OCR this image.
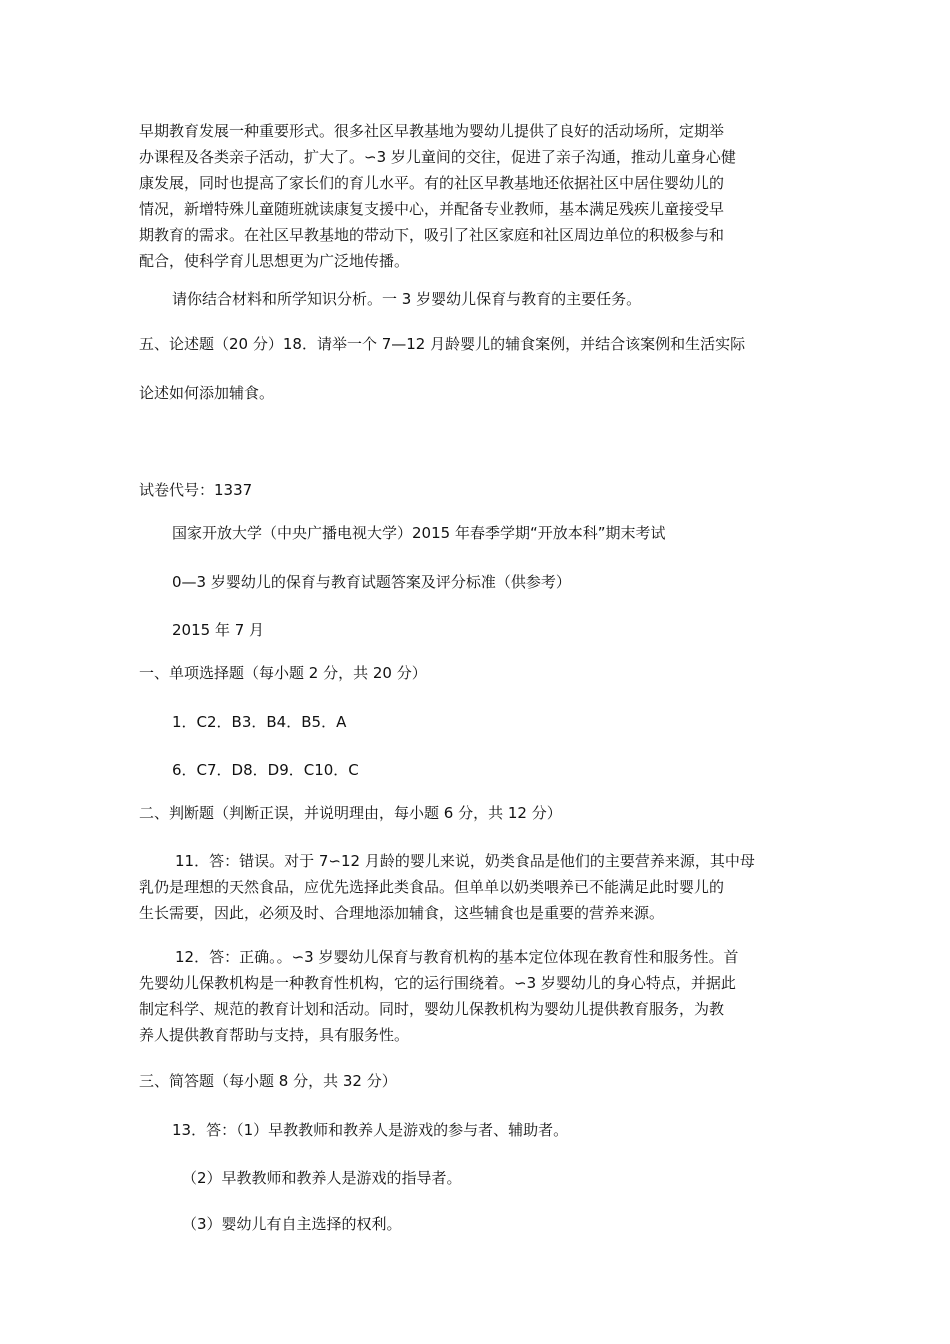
早期教育发展一种重要形式。很多社区早教基地为婴幼儿提供了良好的活动场所，定期举
办课程及各类亲子活动，扩大了。∽3 岁儿童间的交往，促进了亲子沟通，推动儿童身心健
康发展，同时也提高了家长们的育儿水平。有的社区早教基地还依据社区中居住婴幼儿的
情况，新增特殊儿童随班就读康复支援中心，并配备专业教师，基本满足残疾儿童接受早
期教育的需求。在社区早教基地的带动下，吸引了社区家庭和社区周边单位的积极参与和
配合，使科学育儿思想更为广泛地传播。
请你结合材料和所学知识分析。一 3 岁婴幼儿保育与教育的主要任务。
五、论述题（20 分）18．请举一个 7—12 月龄婴儿的辅食案例，并结合该案例和生活实际
论述如何添加辅食。
试卷代号：1337
国家开放大学（中央广播电视大学）2015 年春季学期“开放本科”期末考试
0—3 岁婴幼儿的保育与教育试题答案及评分标准（供参考）
2015 年 7 月
一、单项选择题（每小题 2 分，共 20 分）
1．C2．B3．B4．B5．A
6．C7．D8．D9．C10．C
二、判断题（判断正误，并说明理由，每小题 6 分，共 12 分）
11．答：错误。对于 7∽12 月龄的婴儿来说，奶类食品是他们的主要营养来源，其中母
乳仍是理想的天然食品，应优先选择此类食品。但单单以奶类喂养已不能满足此时婴儿的
生长需要，因此，必须及时、合理地添加辅食，这些辅食也是重要的营养来源。
12．答：正确。。∽3 岁婴幼儿保育与教育机构的基本定位体现在教育性和服务性。首
先婴幼儿保教机构是一种教育性机构，它的运行围绕着。∽3 岁婴幼儿的身心特点，并据此
制定科学、规范的教育计划和活动。同时，婴幼儿保教机构为婴幼儿提供教育服务，为教
养人提供教育帮助与支持，具有服务性。
三、简答题（每小题 8 分，共 32 分）
13．答：（1）早教教师和教养人是游戏的参与者、辅助者。
（2）早教教师和教养人是游戏的指导者。
（3）婴幼儿有自主选择的权利。
